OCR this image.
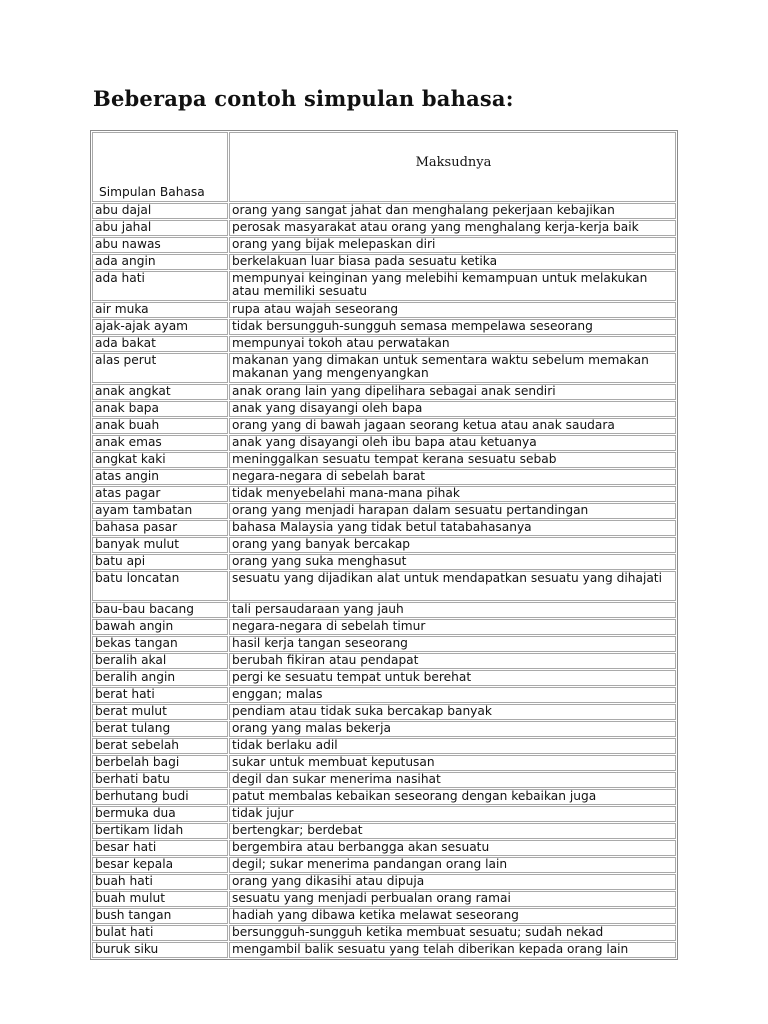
Beberapa contoh simpulan bahasa:
Simpulan Bahasa	Maksudnya
abu dajal	orang yang sangat jahat dan menghalang pekerjaan kebajikan
abu jahal	perosak masyarakat atau orang yang menghalang kerja-kerja baik
abu nawas	orang yang bijak melepaskan diri
ada angin	berkelakuan luar biasa pada sesuatu ketika
ada hati	mempunyai keinginan yang melebihi kemampuan untuk melakukan atau memiliki sesuatu
air muka	rupa atau wajah seseorang
ajak-ajak ayam	tidak bersungguh-sungguh semasa mempelawa seseorang
ada bakat	mempunyai tokoh atau perwatakan
alas perut	makanan yang dimakan untuk sementara waktu sebelum memakan makanan yang mengenyangkan
anak angkat	anak orang lain yang dipelihara sebagai anak sendiri
anak bapa	anak yang disayangi oleh bapa
anak buah	orang yang di bawah jagaan seorang ketua atau anak saudara
anak emas	anak yang disayangi oleh ibu bapa atau ketuanya
angkat kaki	meninggalkan sesuatu tempat kerana sesuatu sebab
atas angin	negara-negara di sebelah barat
atas pagar	tidak menyebelahi mana-mana pihak
ayam tambatan	orang yang menjadi harapan dalam sesuatu pertandingan
bahasa pasar	bahasa Malaysia yang tidak betul tatabahasanya
banyak mulut	orang yang banyak bercakap
batu api	orang yang suka menghasut
batu loncatan	sesuatu yang dijadikan alat untuk mendapatkan sesuatu yang dihajati
bau-bau bacang	tali persaudaraan yang jauh
bawah angin	negara-negara di sebelah timur
bekas tangan	hasil kerja tangan seseorang
beralih akal	berubah fikiran atau pendapat
beralih angin	pergi ke sesuatu tempat untuk berehat
berat hati	enggan; malas
berat mulut	pendiam atau tidak suka bercakap banyak
berat tulang	orang yang malas bekerja
berat sebelah	tidak berlaku adil
berbelah bagi	sukar untuk membuat keputusan
berhati batu	degil dan sukar menerima nasihat
berhutang budi	patut membalas kebaikan seseorang dengan kebaikan juga
bermuka dua	tidak jujur
bertikam lidah	bertengkar; berdebat
besar hati	bergembira atau berbangga akan sesuatu
besar kepala	degil; sukar menerima pandangan orang lain
buah hati	orang yang dikasihi atau dipuja
buah mulut	sesuatu yang menjadi perbualan orang ramai
bush tangan	hadiah yang dibawa ketika melawat seseorang
bulat hati	bersungguh-sungguh ketika membuat sesuatu; sudah nekad
buruk siku	mengambil balik sesuatu yang telah diberikan kepada orang lain
